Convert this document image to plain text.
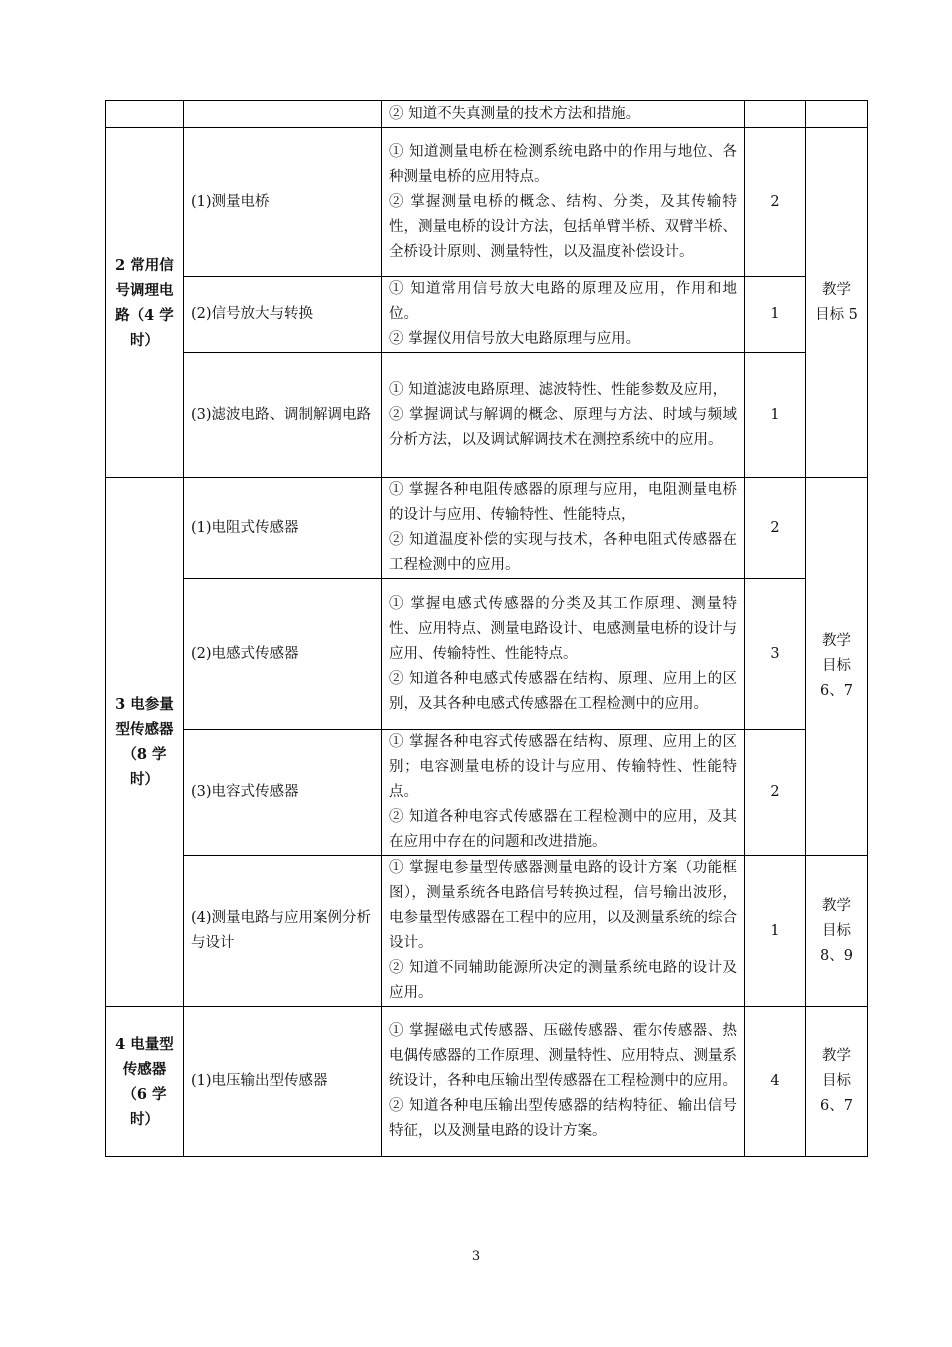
		② 知道不失真测量的技术方法和措施。		

2 常用信号调理电路（4 学时）	(1)测量电桥	① 知道测量电桥在检测系统电路中的作用与地位、各种测量电桥的应用特点。
② 掌握测量电桥的概念、结构、分类，及其传输特性，测量电桥的设计方法，包括单臂半桥、双臂半桥、全桥设计原则、测量特性，以及温度补偿设计。	2	教学 目标 5
	(2)信号放大与转换	① 知道常用信号放大电路的原理及应用，作用和地位。
② 掌握仪用信号放大电路原理与应用。	1	
	(3)滤波电路、调制解调电路	① 知道滤波电路原理、滤波特性、性能参数及应用，
② 掌握调试与解调的概念、原理与方法、时域与频域分析方法，以及调试解调技术在测控系统中的应用。	1	
3 电参量型传感器（8 学时）	(1)电阻式传感器	① 掌握各种电阻传感器的原理与应用，电阻测量电桥的设计与应用、传输特性、性能特点，
② 知道温度补偿的实现与技术，各种电阻式传感器在工程检测中的应用。	2	教学 目标 6、7
	(2)电感式传感器	① 掌握电感式传感器的分类及其工作原理、测量特性、应用特点、测量电路设计、电感测量电桥的设计与应用、传输特性、性能特点。
② 知道各种电感式传感器在结构、原理、应用上的区别，及其各种电感式传感器在工程检测中的应用。	3	
	(3)电容式传感器	① 掌握各种电容式传感器在结构、原理、应用上的区别；电容测量电桥的设计与应用、传输特性、性能特点。
② 知道各种电容式传感器在工程检测中的应用，及其在应用中存在的问题和改进措施。	2	
	(4)测量电路与应用案例分析与设计	① 掌握电参量型传感器测量电路的设计方案（功能框图），测量系统各电路信号转换过程，信号输出波形，电参量型传感器在工程中的应用，以及测量系统的综合设计。
② 知道不同辅助能源所决定的测量系统电路的设计及应用。	1	教学 目标 8、9
4 电量型传感器（6 学时）	(1)电压输出型传感器	① 掌握磁电式传感器、压磁传感器、霍尔传感器、热电偶传感器的工作原理、测量特性、应用特点、测量系统设计，各种电压输出型传感器在工程检测中的应用。
② 知道各种电压输出型传感器的结构特征、输出信号特征，以及测量电路的设计方案。	4	教学 目标 6、7
3
